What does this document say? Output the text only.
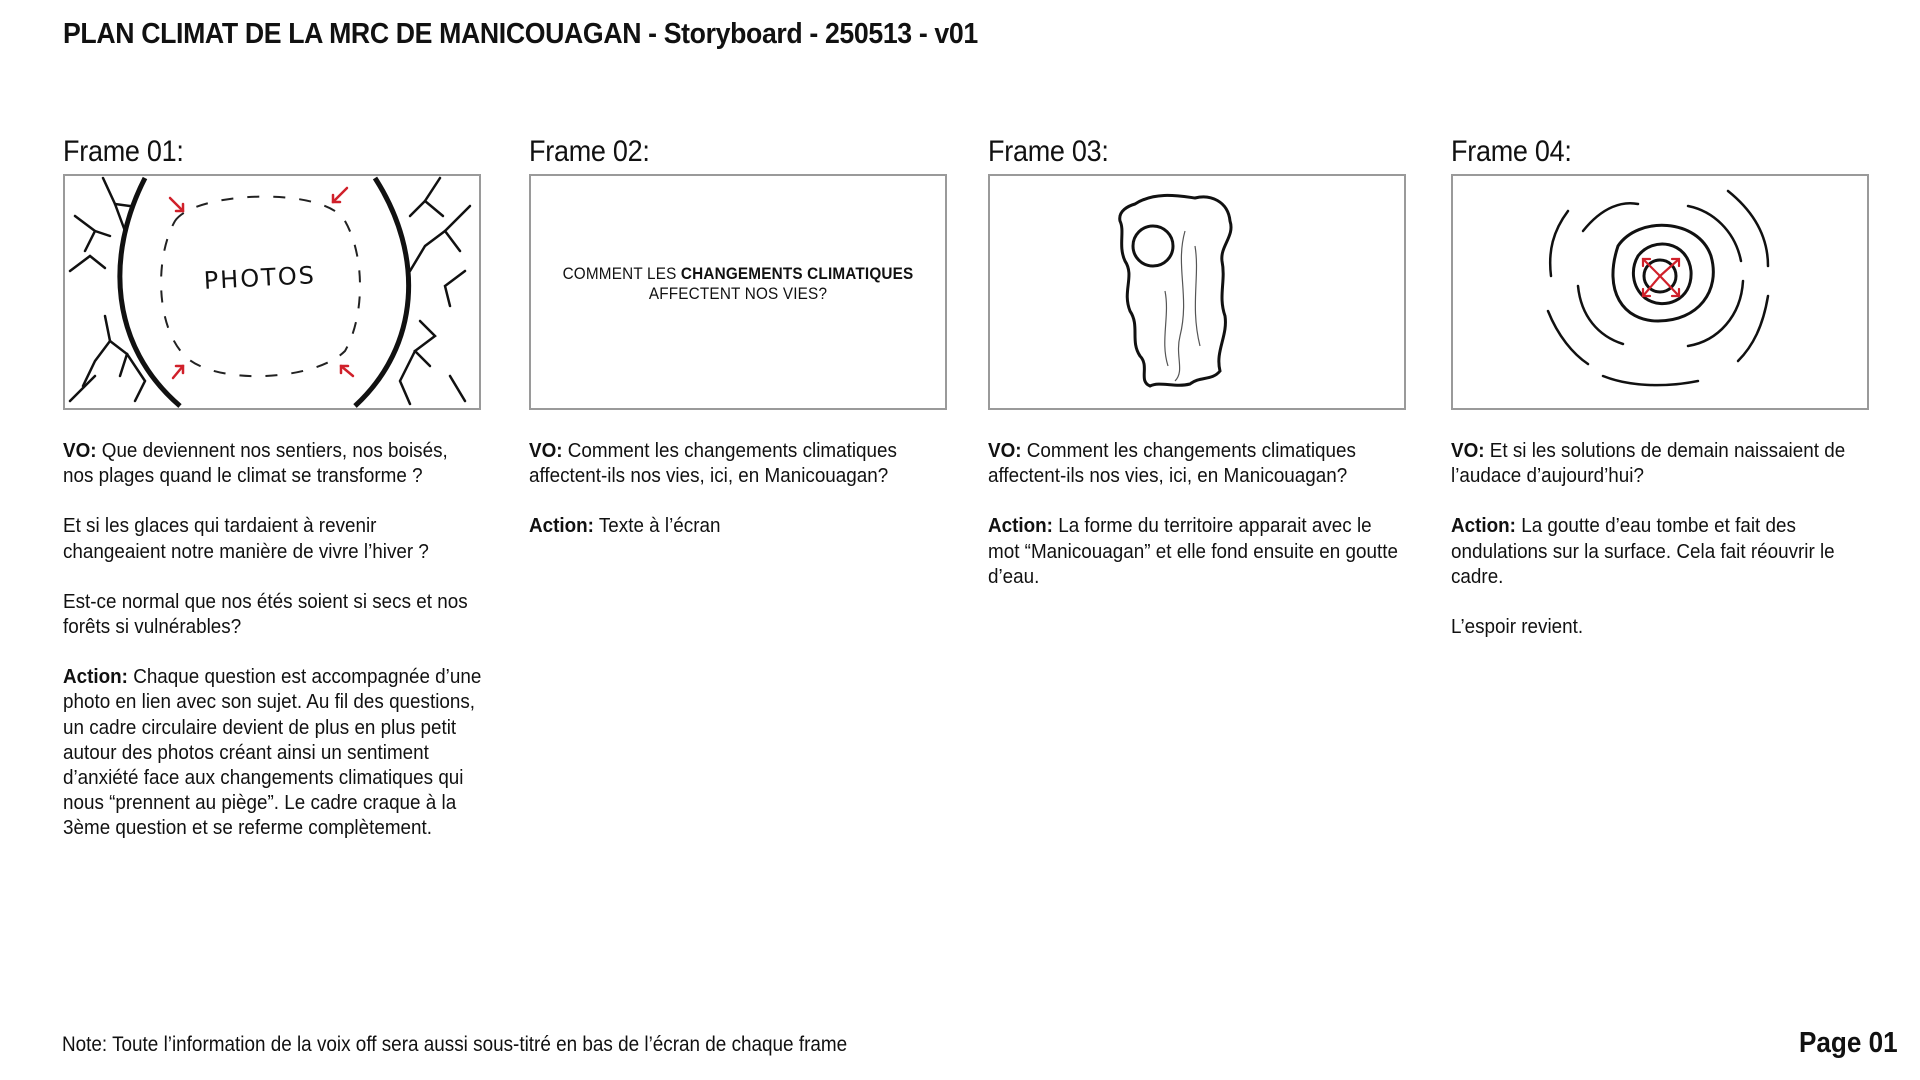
PLAN CLIMAT DE LA MRC DE MANICOUAGAN - Storyboard - 250513 - v01
Frame 01:
PHOTOS

VO: Que deviennent nos sentiers, nos boisés, nos plages quand le climat se transforme ?

Et si les glaces qui tardaient à revenir changeaient notre manière de vivre l’hiver ?

Est-ce normal que nos étés soient si secs et nos forêts si vulnérables?

Action: Chaque question est accompagnée d’une photo en lien avec son sujet. Au fil des questions, un cadre circulaire devient de plus en plus petit autour des photos créant ainsi un sentiment d’anxiété face aux changements climatiques qui nous “prennent au piège”. Le cadre craque à la 3ème question et se referme complètement.

Frame 02:
COMMENT LES CHANGEMENTS CLIMATIQUES
AFFECTENT NOS VIES?

VO: Comment les changements climatiques affectent-ils nos vies, ici, en Manicouagan?

Action: Texte à l’écran

Frame 03:

VO: Comment les changements climatiques affectent-ils nos vies, ici, en Manicouagan?

Action: La forme du territoire apparait avec le mot “Manicouagan” et elle fond ensuite en goutte d’eau.

Frame 04:

VO: Et si les solutions de demain naissaient de l’audace d’aujourd’hui?

Action: La goutte d’eau tombe et fait des ondulations sur la surface. Cela fait réouvrir le cadre.

L’espoir revient.

Note: Toute l’information de la voix off sera aussi sous-titré en bas de l’écran de chaque frame	Page 01
